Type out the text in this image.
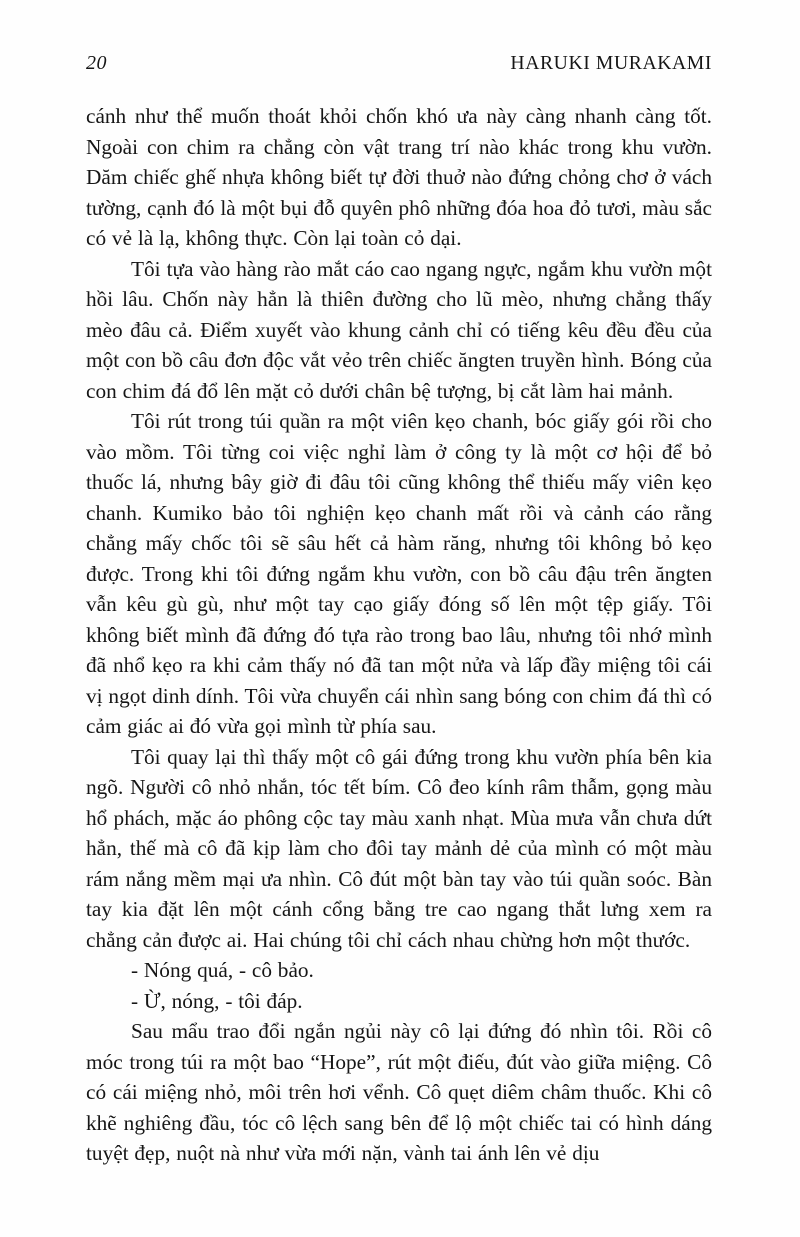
20	HARUKI MURAKAMI

cánh như thể muốn thoát khỏi chốn khó ưa này càng nhanh càng tốt. Ngoài con chim ra chẳng còn vật trang trí nào khác trong khu vườn. Dăm chiếc ghế nhựa không biết tự đời thuở nào đứng chỏng chơ ở vách tường, cạnh đó là một bụi đỗ quyên phô những đóa hoa đỏ tươi, màu sắc có vẻ là lạ, không thực. Còn lại toàn cỏ dại.

Tôi tựa vào hàng rào mắt cáo cao ngang ngực, ngắm khu vườn một hồi lâu. Chốn này hẳn là thiên đường cho lũ mèo, nhưng chẳng thấy mèo đâu cả. Điểm xuyết vào khung cảnh chỉ có tiếng kêu đều đều của một con bồ câu đơn độc vắt vẻo trên chiếc ăngten truyền hình. Bóng của con chim đá đổ lên mặt cỏ dưới chân bệ tượng, bị cắt làm hai mảnh.

Tôi rút trong túi quần ra một viên kẹo chanh, bóc giấy gói rồi cho vào mồm. Tôi từng coi việc nghỉ làm ở công ty là một cơ hội để bỏ thuốc lá, nhưng bây giờ đi đâu tôi cũng không thể thiếu mấy viên kẹo chanh. Kumiko bảo tôi nghiện kẹo chanh mất rồi và cảnh cáo rằng chẳng mấy chốc tôi sẽ sâu hết cả hàm răng, nhưng tôi không bỏ kẹo được. Trong khi tôi đứng ngắm khu vườn, con bồ câu đậu trên ăngten vẫn kêu gù gù, như một tay cạo giấy đóng số lên một tệp giấy. Tôi không biết mình đã đứng đó tựa rào trong bao lâu, nhưng tôi nhớ mình đã nhổ kẹo ra khi cảm thấy nó đã tan một nửa và lấp đầy miệng tôi cái vị ngọt dinh dính. Tôi vừa chuyển cái nhìn sang bóng con chim đá thì có cảm giác ai đó vừa gọi mình từ phía sau.

Tôi quay lại thì thấy một cô gái đứng trong khu vườn phía bên kia ngõ. Người cô nhỏ nhắn, tóc tết bím. Cô đeo kính râm thẫm, gọng màu hổ phách, mặc áo phông cộc tay màu xanh nhạt. Mùa mưa vẫn chưa dứt hẳn, thế mà cô đã kịp làm cho đôi tay mảnh dẻ của mình có một màu rám nắng mềm mại ưa nhìn. Cô đút một bàn tay vào túi quần soóc. Bàn tay kia đặt lên một cánh cổng bằng tre cao ngang thắt lưng xem ra chẳng cản được ai. Hai chúng tôi chỉ cách nhau chừng hơn một thước.

- Nóng quá, - cô bảo.

- Ừ, nóng, - tôi đáp.

Sau mẩu trao đổi ngắn ngủi này cô lại đứng đó nhìn tôi. Rồi cô móc trong túi ra một bao “Hope”, rút một điếu, đút vào giữa miệng. Cô có cái miệng nhỏ, môi trên hơi vểnh. Cô quẹt diêm châm thuốc. Khi cô khẽ nghiêng đầu, tóc cô lệch sang bên để lộ một chiếc tai có hình dáng tuyệt đẹp, nuột nà như vừa mới nặn, vành tai ánh lên vẻ dịu
